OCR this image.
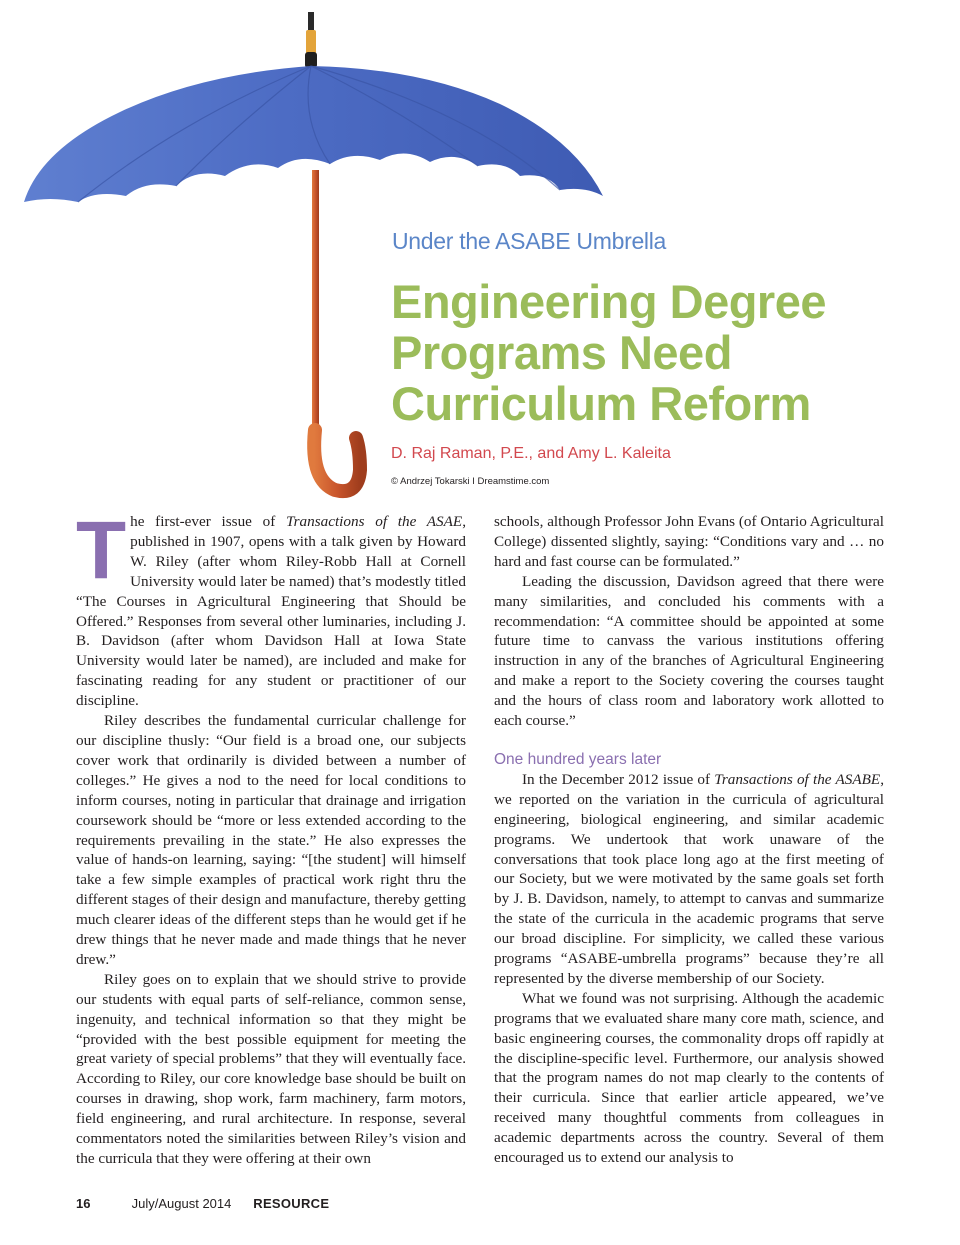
Under the ASABE Umbrella
Engineering Degree
Programs Need
Curriculum Reform
D. Raj Raman, P.E., and Amy L. Kaleita
© Andrzej Tokarski I Dreamstime.com

The first-ever issue of Transactions of the ASAE, published in 1907, opens with a talk given by Howard W. Riley (after whom Riley-Robb Hall at Cornell University would later be named) that’s modestly titled “The Courses in Agricultural Engineering that Should be Offered.” Responses from several other luminaries, including J. B. Davidson (after whom Davidson Hall at Iowa State University would later be named), are included and make for fascinating reading for any student or practitioner of our discipline.

Riley describes the fundamental curricular challenge for our discipline thusly: “Our field is a broad one, our subjects cover work that ordinarily is divided between a number of colleges.” He gives a nod to the need for local conditions to inform courses, noting in particular that drainage and irrigation coursework should be “more or less extended according to the requirements prevailing in the state.” He also expresses the value of hands-on learning, saying: “[the student] will himself take a few simple examples of practical work right thru the different stages of their design and manufacture, thereby getting much clearer ideas of the different steps than he would get if he drew things that he never made and made things that he never drew.”

Riley goes on to explain that we should strive to provide our students with equal parts of self-reliance, common sense, ingenuity, and technical information so that they might be “provided with the best possible equipment for meeting the great variety of special problems” that they will eventually face. According to Riley, our core knowledge base should be built on courses in drawing, shop work, farm machinery, farm motors, field engineering, and rural architecture. In response, several commentators noted the similarities between Riley’s vision and the curricula that they were offering at their own

schools, although Professor John Evans (of Ontario Agricultural College) dissented slightly, saying: “Conditions vary and … no hard and fast course can be formulated.”

Leading the discussion, Davidson agreed that there were many similarities, and concluded his comments with a recommendation: “A committee should be appointed at some future time to canvass the various institutions offering instruction in any of the branches of Agricultural Engineering and make a report to the Society covering the courses taught and the hours of class room and laboratory work allotted to each course.”

One hundred years later

In the December 2012 issue of Transactions of the ASABE, we reported on the variation in the curricula of agricultural engineering, biological engineering, and similar academic programs. We undertook that work unaware of the conversations that took place long ago at the first meeting of our Society, but we were motivated by the same goals set forth by J. B. Davidson, namely, to attempt to canvas and summarize the state of the curricula in the academic programs that serve our broad discipline. For simplicity, we called these various programs “ASABE-umbrella programs” because they’re all represented by the diverse membership of our Society.

What we found was not surprising. Although the academic programs that we evaluated share many core math, science, and basic engineering courses, the commonality drops off rapidly at the discipline-specific level. Furthermore, our analysis showed that the program names do not map clearly to the contents of their curricula. Since that earlier article appeared, we’ve received many thoughtful comments from colleagues in academic departments across the country. Several of them encouraged us to extend our analysis to

16	July/August 2014 RESOURCE
